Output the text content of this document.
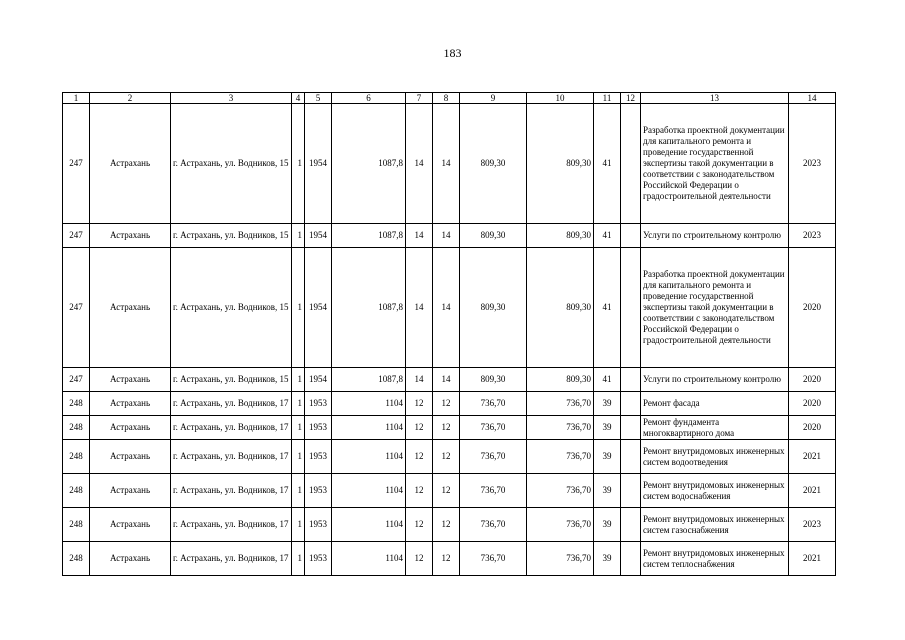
183
1	2	3	4	5	6	7	8	9	10	11	12	13	14
247	Астрахань	г. Астрахань, ул. Водников, 15	1	1954	1087,8	14	14	809,30	809,30	41		Разработка проектной документации для капитального ремонта и проведение государственной экспертизы такой документации в соответствии с законодательством Российской Федерации о градостроительной деятельности	2023
247	Астрахань	г. Астрахань, ул. Водников, 15	1	1954	1087,8	14	14	809,30	809,30	41		Услуги по строительному контролю	2023
247	Астрахань	г. Астрахань, ул. Водников, 15	1	1954	1087,8	14	14	809,30	809,30	41		Разработка проектной документации для капитального ремонта и проведение государственной экспертизы такой документации в соответствии с законодательством Российской Федерации о градостроительной деятельности	2020
247	Астрахань	г. Астрахань, ул. Водников, 15	1	1954	1087,8	14	14	809,30	809,30	41		Услуги по строительному контролю	2020
248	Астрахань	г. Астрахань, ул. Водников, 17	1	1953	1104	12	12	736,70	736,70	39		Ремонт фасада	2020
248	Астрахань	г. Астрахань, ул. Водников, 17	1	1953	1104	12	12	736,70	736,70	39		Ремонт фундамента многоквартирного дома	2020
248	Астрахань	г. Астрахань, ул. Водников, 17	1	1953	1104	12	12	736,70	736,70	39		Ремонт внутридомовых инженерных систем водоотведения	2021
248	Астрахань	г. Астрахань, ул. Водников, 17	1	1953	1104	12	12	736,70	736,70	39		Ремонт внутридомовых инженерных систем водоснабжения	2021
248	Астрахань	г. Астрахань, ул. Водников, 17	1	1953	1104	12	12	736,70	736,70	39		Ремонт внутридомовых инженерных систем газоснабжения	2023
248	Астрахань	г. Астрахань, ул. Водников, 17	1	1953	1104	12	12	736,70	736,70	39		Ремонт внутридомовых инженерных систем теплоснабжения	2021
